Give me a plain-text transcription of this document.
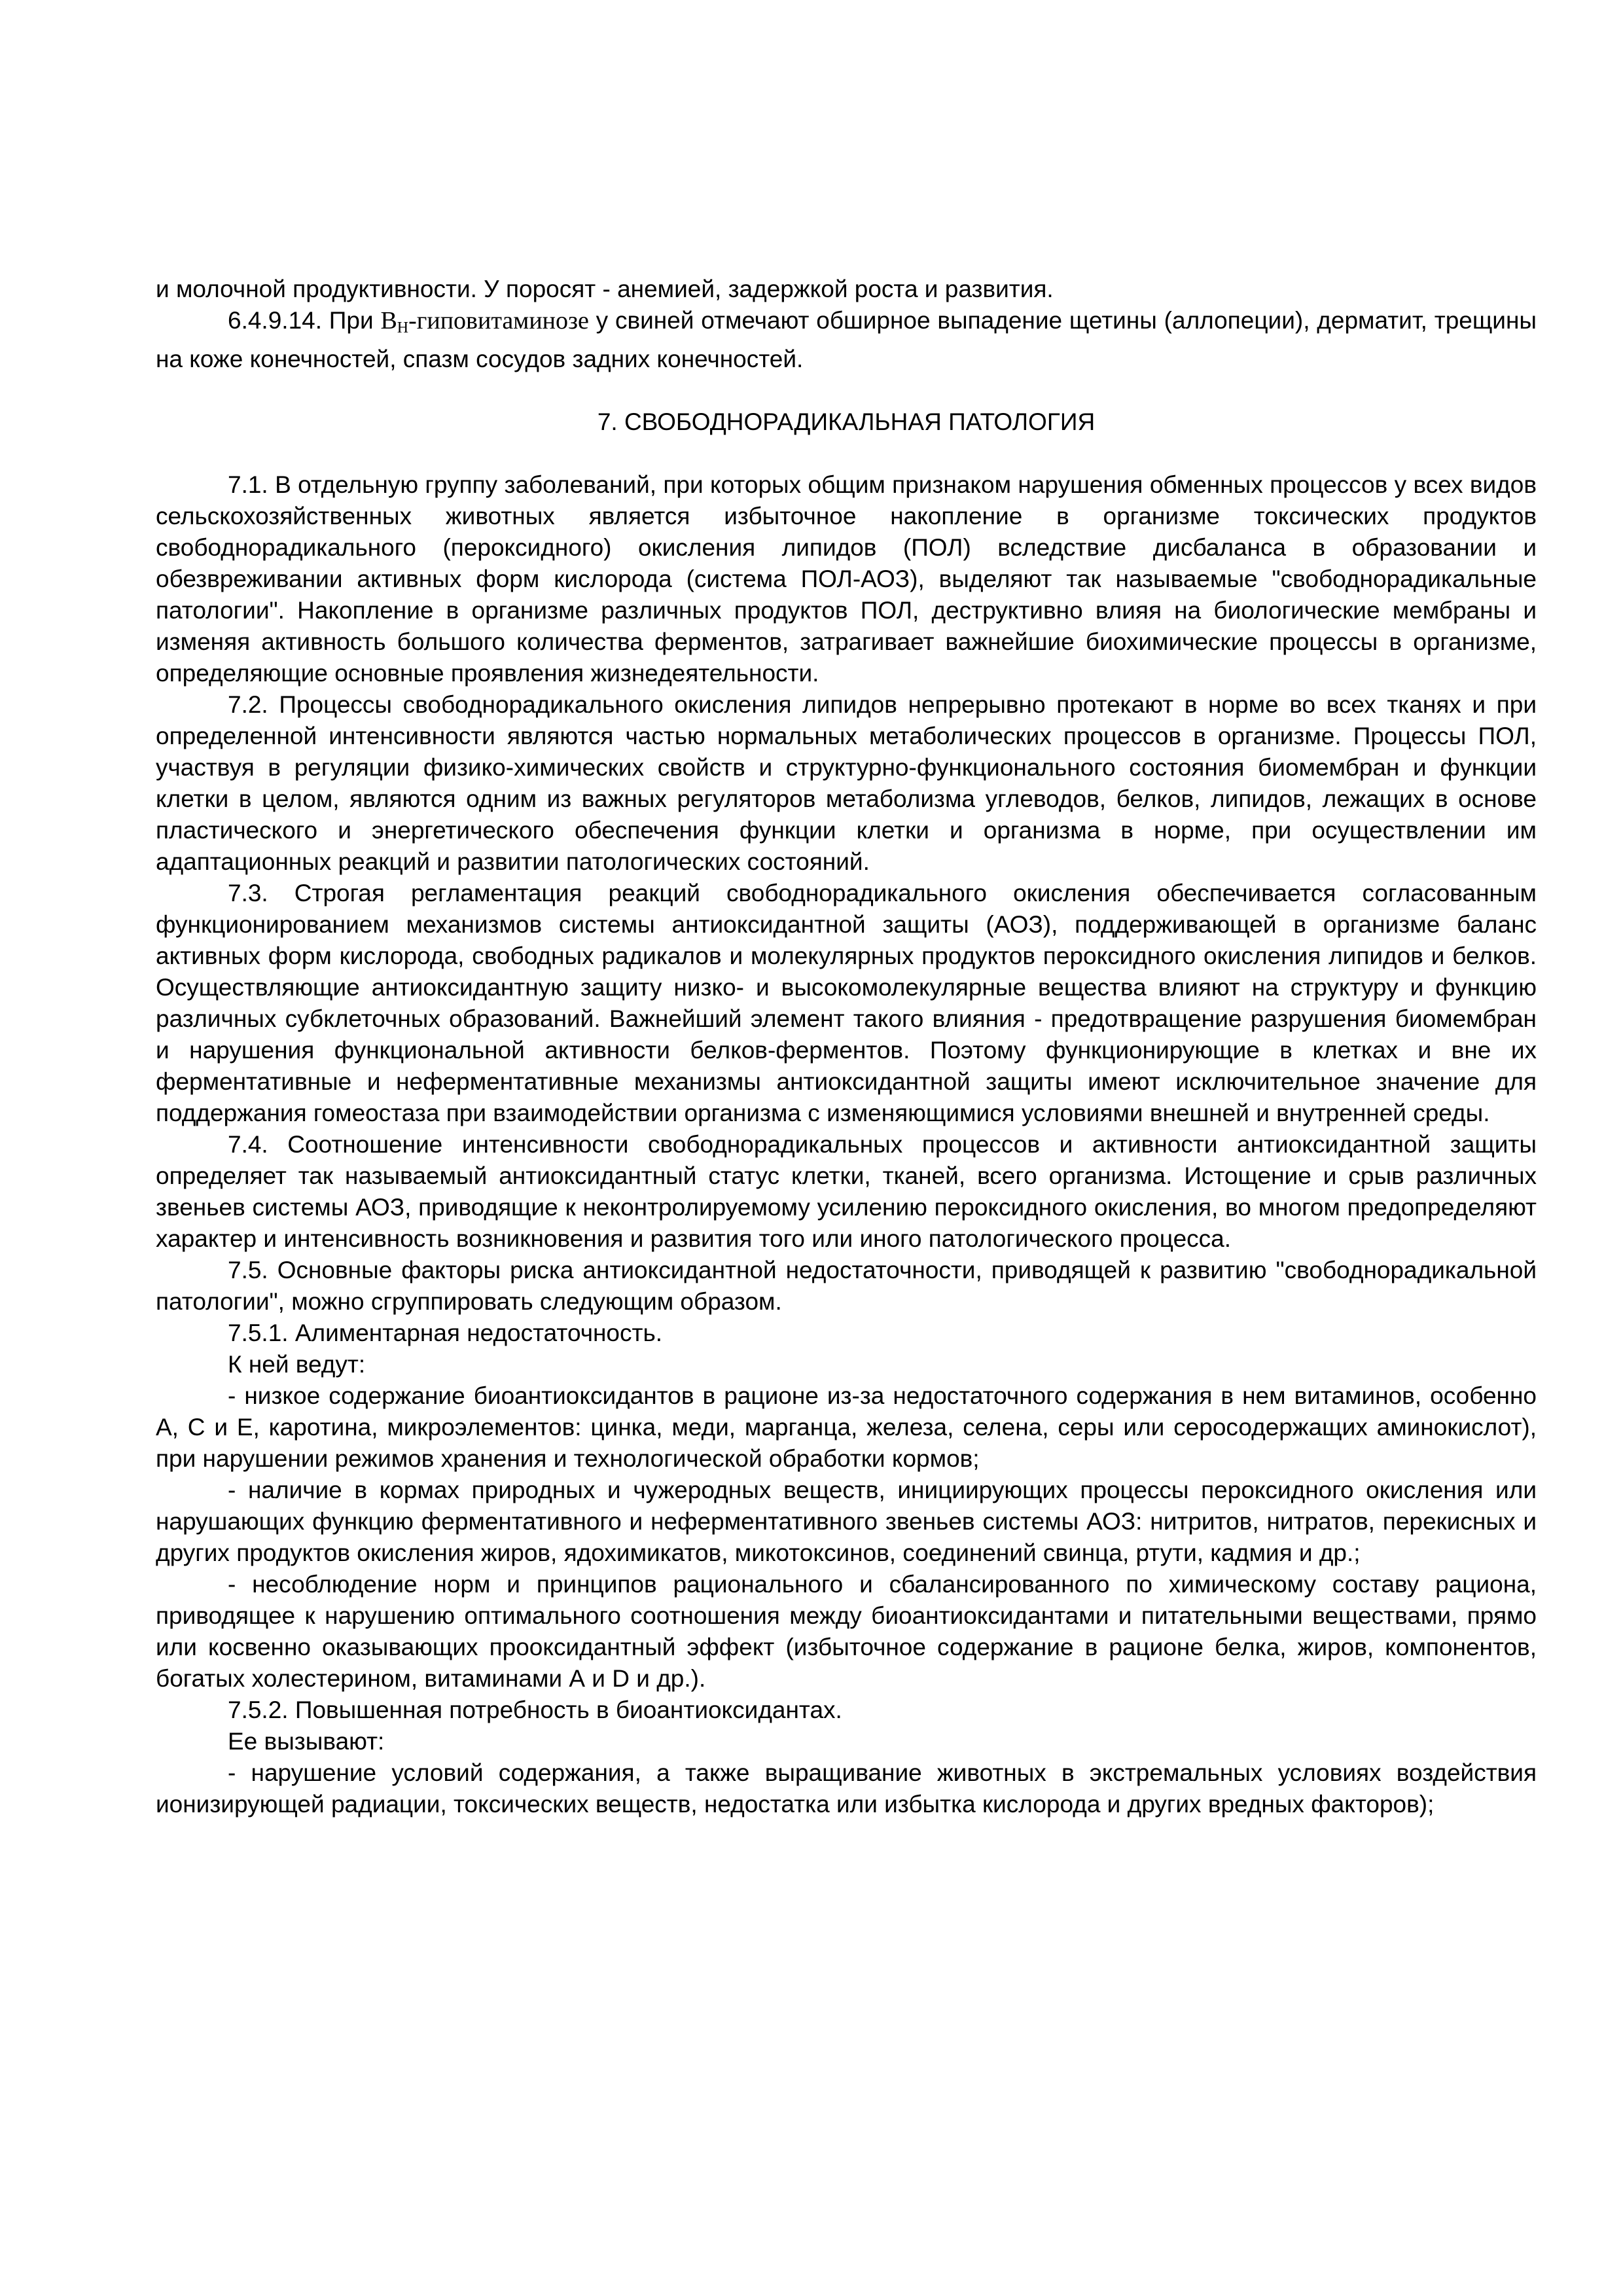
и молочной продуктивности. У поросят - анемией, задержкой роста и развития.

6.4.9.14. При $В_Н$-гиповитаминозе у свиней отмечают обширное выпадение щетины (аллопеции), дерматит, трещины на коже конечностей, спазм сосудов задних конечностей.

7. СВОБОДНОРАДИКАЛЬНАЯ ПАТОЛОГИЯ

7.1. В отдельную группу заболеваний, при которых общим признаком нарушения обменных процессов у всех видов сельскохозяйственных животных является избыточное накопление в организме токсических продуктов свободнорадикального (пероксидного) окисления липидов (ПОЛ) вследствие дисбаланса в образовании и обезвреживании активных форм кислорода (система ПОЛ-АОЗ), выделяют так называемые "свободнорадикальные патологии". Накопление в организме различных продуктов ПОЛ, деструктивно влияя на биологические мембраны и изменяя активность большого количества ферментов, затрагивает важнейшие биохимические процессы в организме, определяющие основные проявления жизнедеятельности.

7.2. Процессы свободнорадикального окисления липидов непрерывно протекают в норме во всех тканях и при определенной интенсивности являются частью нормальных метаболических процессов в организме. Процессы ПОЛ, участвуя в регуляции физико-химических свойств и структурно-функционального состояния биомембран и функции клетки в целом, являются одним из важных регуляторов метаболизма углеводов, белков, липидов, лежащих в основе пластического и энергетического обеспечения функции клетки и организма в норме, при осуществлении им адаптационных реакций и развитии патологических состояний.

7.3. Строгая регламентация реакций свободнорадикального окисления обеспечивается согласованным функционированием механизмов системы антиоксидантной защиты (АОЗ), поддерживающей в организме баланс активных форм кислорода, свободных радикалов и молекулярных продуктов пероксидного окисления липидов и белков. Осуществляющие антиоксидантную защиту низко- и высокомолекулярные вещества влияют на структуру и функцию различных субклеточных образований. Важнейший элемент такого влияния - предотвращение разрушения биомембран и нарушения функциональной активности белков-ферментов. Поэтому функционирующие в клетках и вне их ферментативные и неферментативные механизмы антиоксидантной защиты имеют исключительное значение для поддержания гомеостаза при взаимодействии организма с изменяющимися условиями внешней и внутренней среды.

7.4. Соотношение интенсивности свободнорадикальных процессов и активности антиоксидантной защиты определяет так называемый антиоксидантный статус клетки, тканей, всего организма. Истощение и срыв различных звеньев системы АОЗ, приводящие к неконтролируемому усилению пероксидного окисления, во многом предопределяют характер и интенсивность возникновения и развития того или иного патологического процесса.

7.5. Основные факторы риска антиоксидантной недостаточности, приводящей к развитию "свободнорадикальной патологии", можно сгруппировать следующим образом.

7.5.1. Алиментарная недостаточность.

К ней ведут:

- низкое содержание биоантиоксидантов в рационе из-за недостаточного содержания в нем витаминов, особенно А, С и Е, каротина, микроэлементов: цинка, меди, марганца, железа, селена, серы или серосодержащих аминокислот), при нарушении режимов хранения и технологической обработки кормов;

- наличие в кормах природных и чужеродных веществ, инициирующих процессы пероксидного окисления или нарушающих функцию ферментативного и неферментативного звеньев системы АОЗ: нитритов, нитратов, перекисных и других продуктов окисления жиров, ядохимикатов, микотоксинов, соединений свинца, ртути, кадмия и др.;

- несоблюдение норм и принципов рационального и сбалансированного по химическому составу рациона, приводящее к нарушению оптимального соотношения между биоантиоксидантами и питательными веществами, прямо или косвенно оказывающих прооксидантный эффект (избыточное содержание в рационе белка, жиров, компонентов, богатых холестерином, витаминами А и D и др.).

7.5.2. Повышенная потребность в биоантиоксидантах.

Ее вызывают:

- нарушение условий содержания, а также выращивание животных в экстремальных условиях воздействия ионизирующей радиации, токсических веществ, недостатка или избытка кислорода и других вредных факторов);
